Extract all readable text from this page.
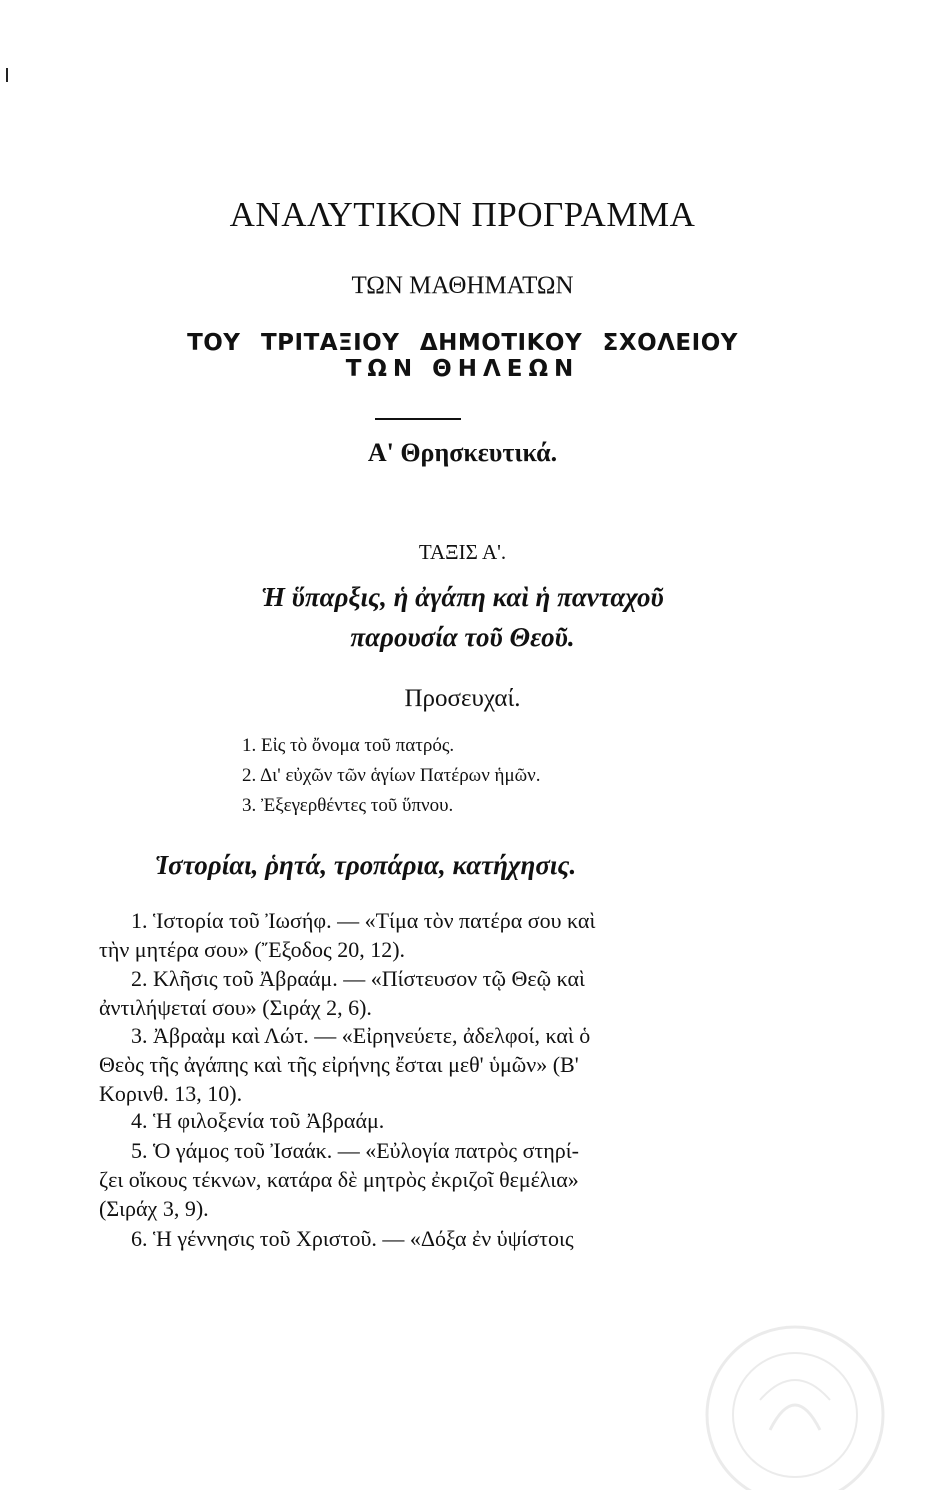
ΑΝΑΛΥΤΙΚΟΝ ΠΡΟΓΡΑΜΜΑ
ΤΩΝ ΜΑΘΗΜΑΤΩΝ
ΤΟΥ ΤΡΙΤΑΞΙΟΥ ΔΗΜΟΤΙΚΟΥ ΣΧΟΛΕΙΟΥ
ΤΩΝ ΘΗΛΕΩΝ
Α' Θρησκευτικά.
ΤΑΞΙΣ Α'.
Ἡ ὕπαρξις, ἡ ἀγάπη καὶ ἡ πανταχοῦ
παρουσία τοῦ Θεοῦ.
Προσευχαί.
1. Εἰς τὸ ὄνομα τοῦ πατρός.
2. Δι' εὐχῶν τῶν ἁγίων Πατέρων ἡμῶν.
3. Ἐξεγερθέντες τοῦ ὕπνου.
Ἱστορίαι, ῥητά, τροπάρια, κατήχησις.
1. Ἱστορία τοῦ Ἰωσήφ. — «Τίμα τὸν πατέρα σου καὶ
τὴν μητέρα σου» (Ἔξοδος 20, 12).
2. Κλῆσις τοῦ Ἀβραάμ. — «Πίστευσον τῷ Θεῷ καὶ
ἀντιλήψεταί σου» (Σιράχ 2, 6).
3. Ἀβραὰμ καὶ Λώτ. — «Εἰρηνεύετε, ἀδελφοί, καὶ ὁ
Θεὸς τῆς ἀγάπης καὶ τῆς εἰρήνης ἔσται μεθ' ὑμῶν» (Β'
Κορινθ. 13, 10).
4. Ἡ φιλοξενία τοῦ Ἀβραάμ.
5. Ὁ γάμος τοῦ Ἰσαάκ. — «Εὐλογία πατρὸς στηρί-
ζει οἴκους τέκνων, κατάρα δὲ μητρὸς ἐκριζοῖ θεμέλια»
(Σιράχ 3, 9).
6. Ἡ γέννησις τοῦ Χριστοῦ. — «Δόξα ἐν ὑψίστοις
